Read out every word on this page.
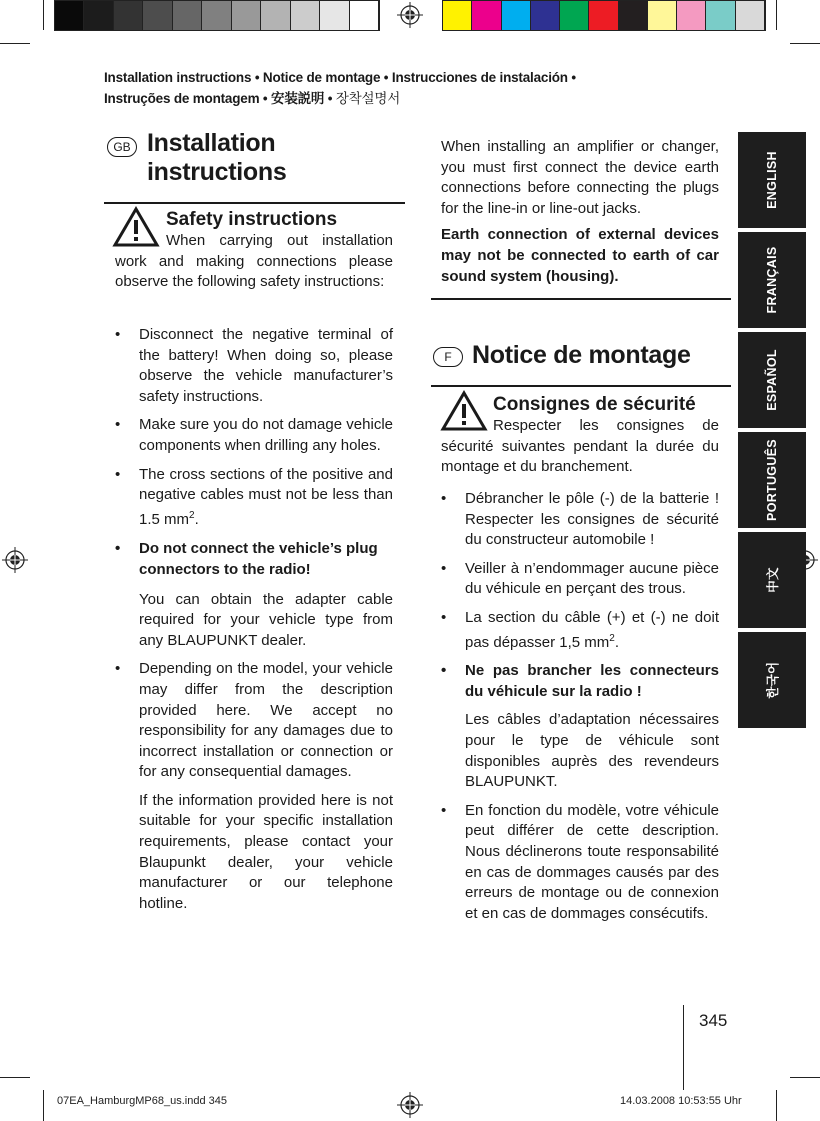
Installation instructions • Notice de montage • Instrucciones de instalación •
Instruções de montagem • 安装説明 • 장착설명서
ENGLISH
FRANÇAIS
ESPAÑOL
PORTUGUÊS
中文
한국어
GB Installation
instructions
Safety instructions

When carrying out installation work and making connections please observe the following safety instructions:

• Disconnect the negative terminal of the battery! When doing so, please observe the vehicle manufacturer’s safety instructions.
• Make sure you do not damage vehicle components when drilling any holes.
• The cross sections of the positive and negative cables must not be less than 1.5 $mm^2$.
• Do not connect the vehicle’s plug connectors to the radio!
You can obtain the adapter cable required for your vehicle type from any BLAUPUNKT dealer.
• Depending on the model, your vehicle may differ from the description provided here. We accept no responsibility for any damages due to incorrect installation or connection or for any consequential damages.
If the information provided here is not suitable for your specific installation requirements, please contact your Blaupunkt dealer, your vehicle manufacturer or our telephone hotline.

When installing an amplifier or changer, you must first connect the device earth connections before connecting the plugs for the line-in or line-out jacks.

Earth connection of external devices may not be connected to earth of car sound system (housing).

F Notice de montage
Consignes de sécurité

Respecter les consignes de sécurité suivantes pendant la durée du montage et du branchement.

• Débrancher le pôle (-) de la batterie ! Respecter les consignes de sécurité du constructeur automobile !
• Veiller à n’endommager aucune pièce du véhicule en perçant des trous.
• La section du câble (+) et (-) ne doit pas dépasser 1,5 $mm^2$.
• Ne pas brancher les connecteurs du véhicule sur la radio !
Les câbles d’adaptation nécessaires pour le type de véhicule sont disponibles auprès des revendeurs BLAUPUNKT.
• En fonction du modèle, votre véhicule peut différer de cette description. Nous déclinerons toute responsabilité en cas de dommages causés par des erreurs de montage ou de connexion et en cas de dommages consécutifs.
345
07EA_HamburgMP68_us.indd 345	14.03.2008 10:53:55 Uhr
